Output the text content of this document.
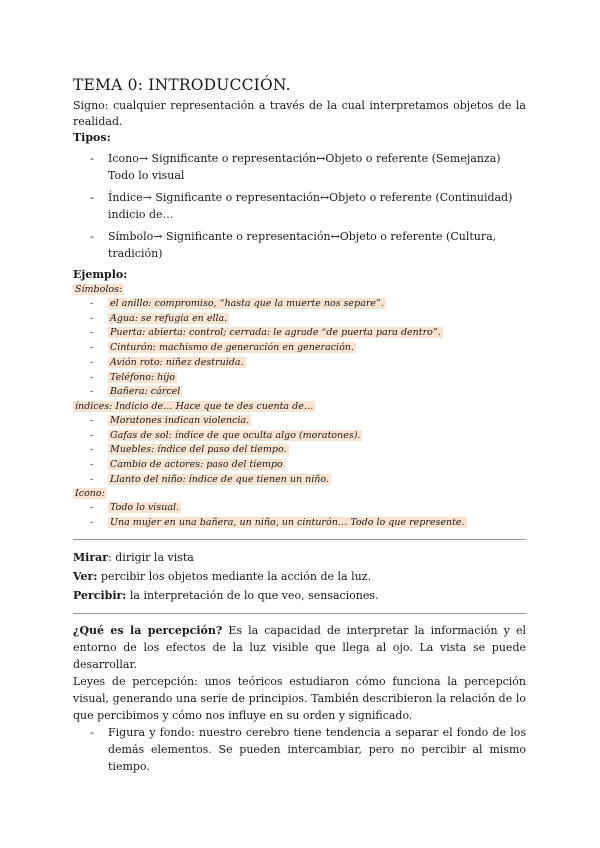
TEMA 0: INTRODUCCIÓN.

Signo: cualquier representación a través de la cual interpretamos objetos de la realidad.

Tipos:

- Icono→ Significante o representación↔Objeto o referente (Semejanza)
Todo lo visual
- Índice→ Significante o representación↔Objeto o referente (Continuidad)
indicio de…
- Símbolo→ Significante o representación↔Objeto o referente (Cultura,
tradición)

Ejemplo:

Símbolos:
- el anillo: compromiso, “hasta que la muerte nos separe”.
- Agua: se refugia en ella.
- Puerta: abierta: control; cerrada: le agrade “de puerta para dentro”.
- Cinturón: machismo de generación en generación.
- Avión roto: niñez destruida.
- Teléfono: hijo
- Bañera: cárcel
índices: Indicio de… Hace que te des cuenta de…
- Moratones indican violencia.
- Gafas de sol: índice de que oculta algo (moratones).
- Muebles: índice del paso del tiempo.
- Cambio de actores: paso del tiempo
- Llanto del niño: índice de que tienen un niño.
Icono:
- Todo lo visual.
- Una mujer en una bañera, un niño, un cinturón… Todo lo que represente.

Mirar: dirigir la vista

Ver: percibir los objetos mediante la acción de la luz.

Percibir: la interpretación de lo que veo, sensaciones.

¿Qué es la percepción? Es la capacidad de interpretar la información y el entorno de los efectos de la luz visible que llega al ojo. La vista se puede desarrollar.

Leyes de percepción: unos teóricos estudiaron cómo funciona la percepción visual, generando una serie de principios. También describieron la relación de lo que percibimos y cómo nos influye en su orden y significado.

- Figura y fondo: nuestro cerebro tiene tendencia a separar el fondo de los demás elementos. Se pueden intercambiar, pero no percibir al mismo tiempo.
